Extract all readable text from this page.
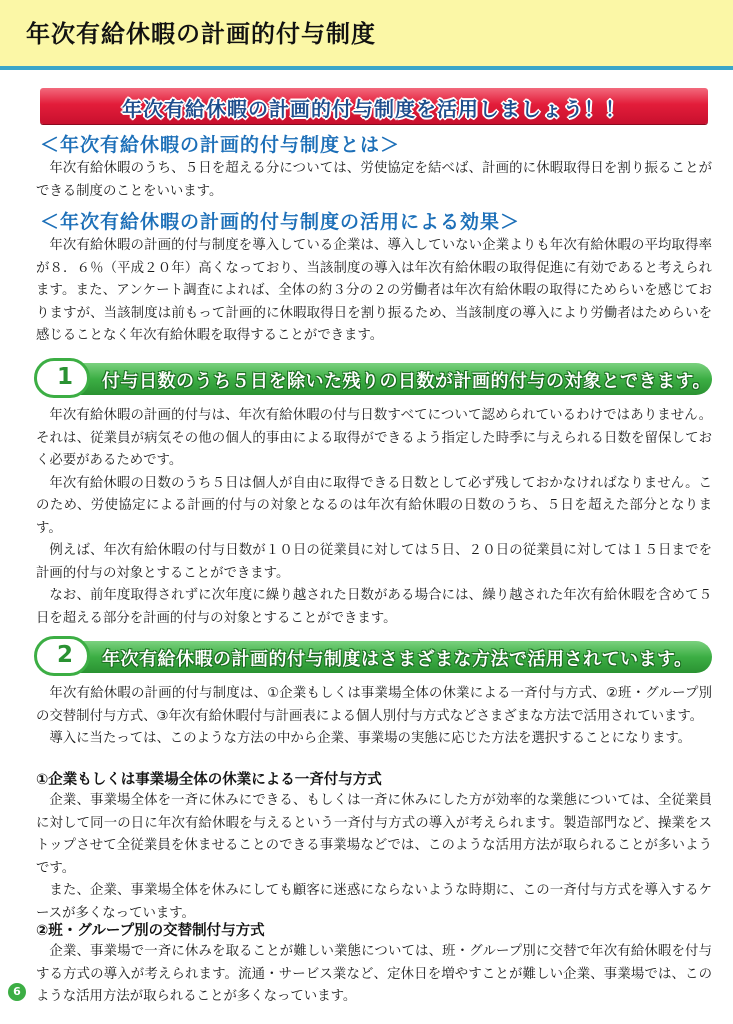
年次有給休暇の計画的付与制度
年次有給休暇の計画的付与制度を活用しましょう！！
＜年次有給休暇の計画的付与制度とは＞

年次有給休暇のうち、５日を超える分については、労使協定を結べば、計画的に休暇取得日を割り振ることができる制度のことをいいます。

＜年次有給休暇の計画的付与制度の活用による効果＞

年次有給休暇の計画的付与制度を導入している企業は、導入していない企業よりも年次有給休暇の平均取得率が８．６％（平成２０年）高くなっており、当該制度の導入は年次有給休暇の取得促進に有効であると考えられます。また、アンケート調査によれば、全体の約３分の２の労働者は年次有給休暇の取得にためらいを感じておりますが、当該制度は前もって計画的に休暇取得日を割り振るため、当該制度の導入により労働者はためらいを感じることなく年次有給休暇を取得することができます。

1	付与日数のうち５日を除いた残りの日数が計画的付与の対象とできます。

年次有給休暇の計画的付与は、年次有給休暇の付与日数すべてについて認められているわけではありません。それは、従業員が病気その他の個人的事由による取得ができるよう指定した時季に与えられる日数を留保しておく必要があるためです。

年次有給休暇の日数のうち５日は個人が自由に取得できる日数として必ず残しておかなければなりません。このため、労使協定による計画的付与の対象となるのは年次有給休暇の日数のうち、５日を超えた部分となります。

例えば、年次有給休暇の付与日数が１０日の従業員に対しては５日、２０日の従業員に対しては１５日までを計画的付与の対象とすることができます。

なお、前年度取得されずに次年度に繰り越された日数がある場合には、繰り越された年次有給休暇を含めて５日を超える部分を計画的付与の対象とすることができます。

2	年次有給休暇の計画的付与制度はさまざまな方法で活用されています。

年次有給休暇の計画的付与制度は、①企業もしくは事業場全体の休業による一斉付与方式、②班・グループ別の交替制付与方式、③年次有給休暇付与計画表による個人別付与方式などさまざまな方法で活用されています。

導入に当たっては、このような方法の中から企業、事業場の実態に応じた方法を選択することになります。

①企業もしくは事業場全体の休業による一斉付与方式

企業、事業場全体を一斉に休みにできる、もしくは一斉に休みにした方が効率的な業態については、全従業員に対して同一の日に年次有給休暇を与えるという一斉付与方式の導入が考えられます。製造部門など、操業をストップさせて全従業員を休ませることのできる事業場などでは、このような活用方法が取られることが多いようです。

また、企業、事業場全体を休みにしても顧客に迷惑にならないような時期に、この一斉付与方式を導入するケースが多くなっています。

②班・グループ別の交替制付与方式

企業、事業場で一斉に休みを取ることが難しい業態については、班・グループ別に交替で年次有給休暇を付与する方式の導入が考えられます。流通・サービス業など、定休日を増やすことが難しい企業、事業場では、このような活用方法が取られることが多くなっています。

6
